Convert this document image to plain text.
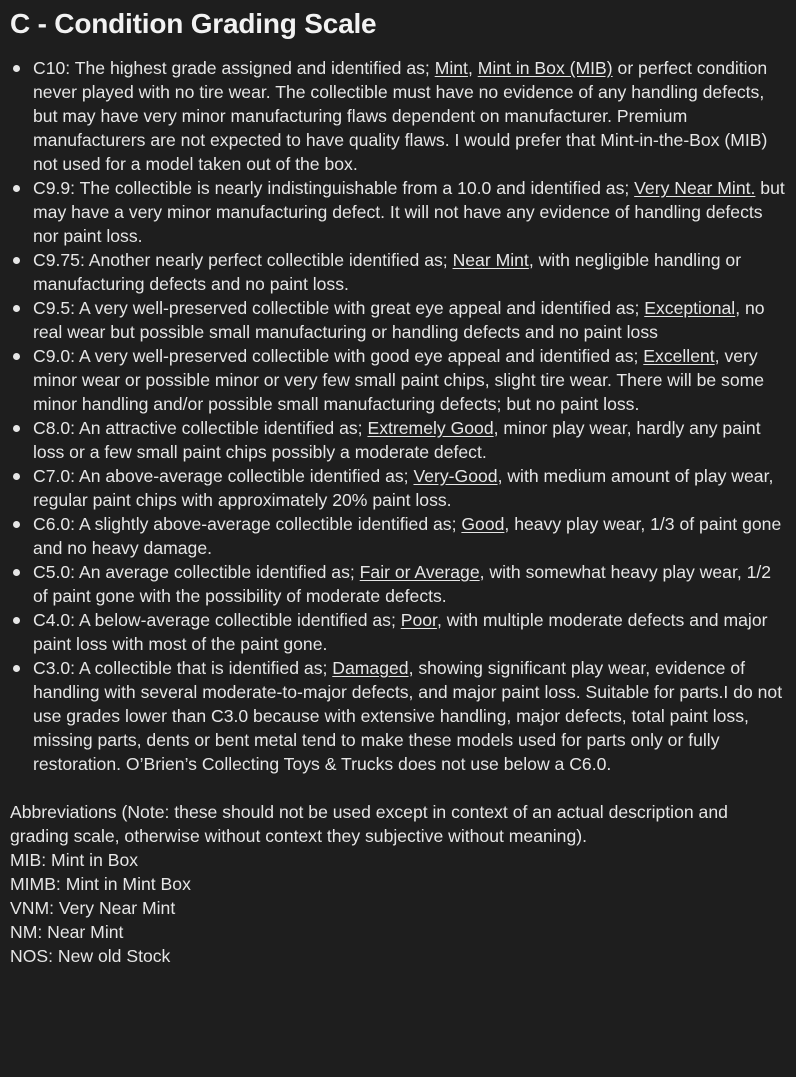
C - Condition Grading Scale
C10: The highest grade assigned and identified as; Mint, Mint in Box (MIB) or perfect condition never played with no tire wear. The collectible must have no evidence of any handling defects, but may have very minor manufacturing flaws dependent on manufacturer. Premium manufacturers are not expected to have quality flaws. I would prefer that Mint-in-the-Box (MIB) not used for a model taken out of the box.
C9.9: The collectible is nearly indistinguishable from a 10.0 and identified as; Very Near Mint. but may have a very minor manufacturing defect. It will not have any evidence of handling defects nor paint loss.
C9.75: Another nearly perfect collectible identified as; Near Mint, with negligible handling or manufacturing defects and no paint loss.
C9.5: A very well-preserved collectible with great eye appeal and identified as; Exceptional, no real wear but possible small manufacturing or handling defects and no paint loss
C9.0: A very well-preserved collectible with good eye appeal and identified as; Excellent, very minor wear or possible minor or very few small paint chips, slight tire wear. There will be some minor handling and/or possible small manufacturing defects; but no paint loss.
C8.0: An attractive collectible identified as; Extremely Good, minor play wear, hardly any paint loss or a few small paint chips possibly a moderate defect.
C7.0: An above-average collectible identified as; Very-Good, with medium amount of play wear, regular paint chips with approximately 20% paint loss.
C6.0: A slightly above-average collectible identified as; Good, heavy play wear, 1/3 of paint gone and no heavy damage.
C5.0: An average collectible identified as; Fair or Average, with somewhat heavy play wear, 1/2 of paint gone with the possibility of moderate defects.
C4.0: A below-average collectible identified as; Poor, with multiple moderate defects and major paint loss with most of the paint gone.
C3.0: A collectible that is identified as; Damaged, showing significant play wear, evidence of handling with several moderate-to-major defects, and major paint loss. Suitable for parts.I do not use grades lower than C3.0 because with extensive handling, major defects, total paint loss, missing parts, dents or bent metal tend to make these models used for parts only or fully restoration. O’Brien’s Collecting Toys & Trucks does not use below a C6.0.

Abbreviations (Note: these should not be used except in context of an actual description and grading scale, otherwise without context they subjective without meaning).

MIB: Mint in Box

MIMB: Mint in Mint Box

VNM: Very Near Mint

NM: Near Mint

NOS: New old Stock
